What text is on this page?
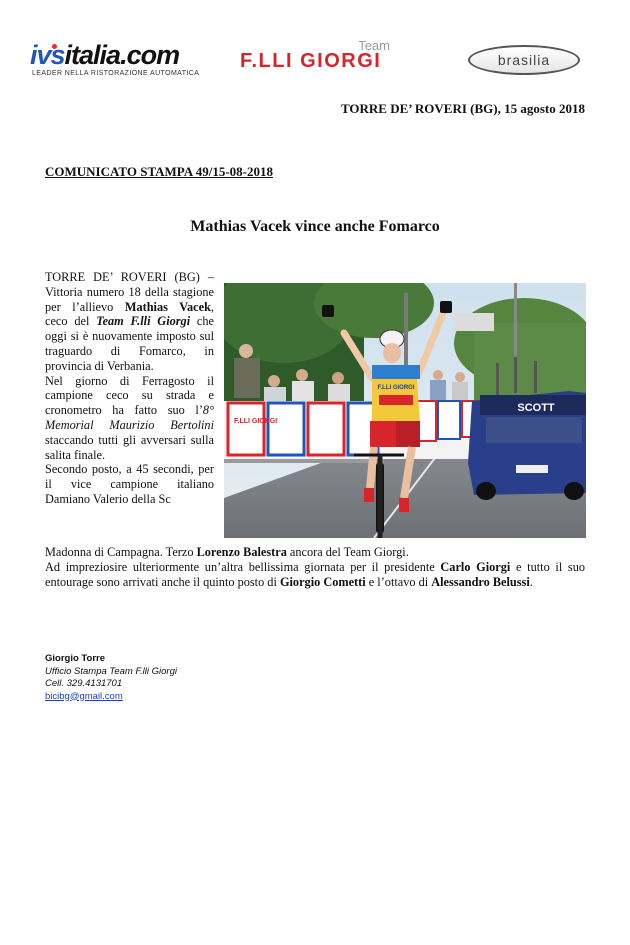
ivsitalia.com
LEADER NELLA RISTORAZIONE AUTOMATICA
Team
F.LLI GIORGI	brasilia
TORRE DE’ ROVERI (BG), 15 agosto 2018
COMUNICATO STAMPA 49/15-08-2018
Mathias Vacek vince anche Fomarco

TORRE DE’ ROVERI (BG) – Vittoria numero 18 della stagione per l’allievo Mathias Vacek, ceco del Team F.lli Giorgi che oggi si è nuovamente imposto sul traguardo di Fomarco, in provincia di Verbania.

Nel giorno di Ferragosto il campione ceco su strada e cronometro ha fatto suo l’8° Memorial Maurizio Bertolini staccando tutti gli avversari sulla salita finale.

Secondo posto, a 45 secondi, per il vice campione italiano Damiano Valerio della Sc

F.LLI GIORGI
SCOTT
F.LLI GIORGI

Madonna di Campagna. Terzo Lorenzo Balestra ancora del Team Giorgi.

Ad impreziosire ulteriormente un’altra bellissima giornata per il presidente Carlo Giorgi e tutto il suo entourage sono arrivati anche il quinto posto di Giorgio Cometti e l’ottavo di Alessandro Belussi.

Giorgio Torre
Ufficio Stampa Team F.lli Giorgi
Cell. 329.4131701
bicibg@gmail.com
